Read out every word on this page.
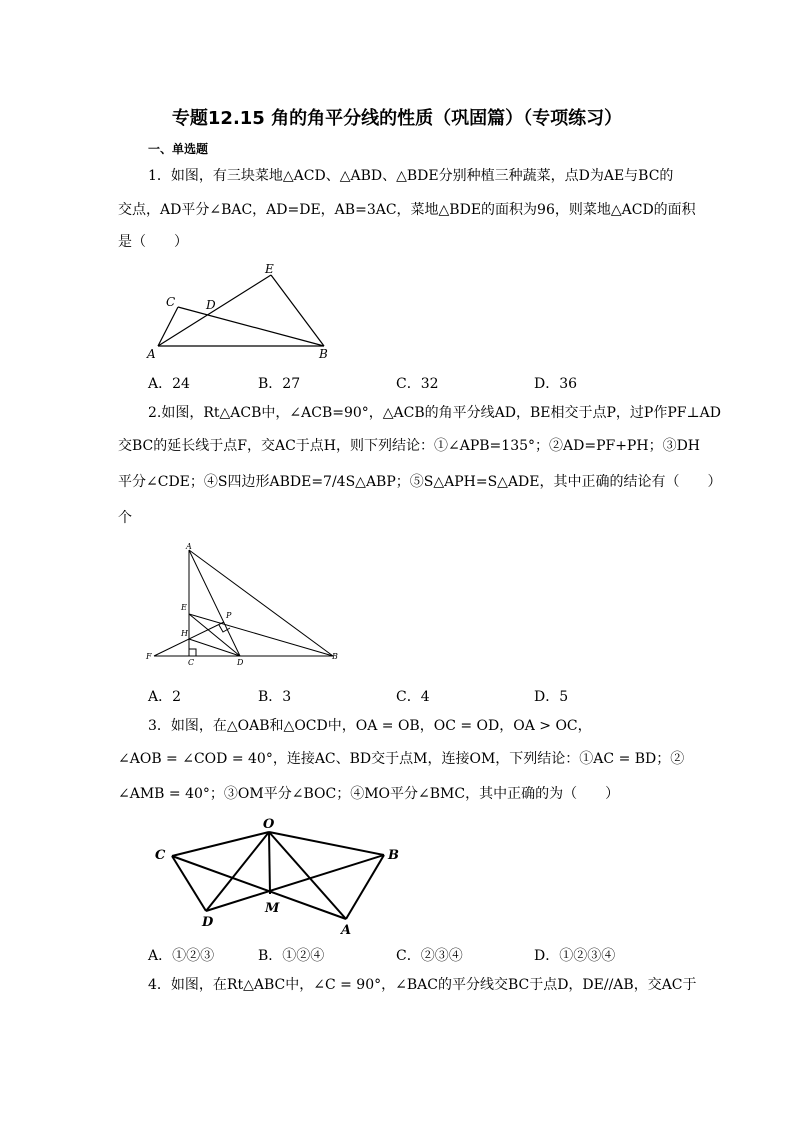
专题12.15 角的角平分线的性质（巩固篇）（专项练习）
一、单选题
1．如图，有三块菜地△ACD、△ABD、△BDE分别种植三种蔬菜，点D为AE与BC的
交点，AD平分∠BAC，AD=DE，AB=3AC，菜地△BDE的面积为96，则菜地△ACD的面积
是（　　）
E
C	D
A	B
A．24	B．27	C．32	D．36
2.如图，Rt△ACB中，∠ACB=90°，△ACB的角平分线AD，BE相交于点P，过P作PF⊥AD
交BC的延长线于点F，交AC于点H，则下列结论：①∠APB=135°；②AD=PF+PH；③DH
平分∠CDE；④S四边形ABDE=7/4S△ABP；⑤S△APH=S△ADE，其中正确的结论有（　　）
个
A
E
P
H
F
C	D
B
A．2	B．3	C．4	D．5
3．如图，在△OAB和△OCD中，OA = OB，OC = OD，OA > OC，
∠AOB = ∠COD = 40°，连接AC、BD交于点M，连接OM，下列结论：①AC = BD；②
∠AMB = 40°；③OM平分∠BOC；④MO平分∠BMC，其中正确的为（　　）
O
C	B
D
M
A
A．①②③	B．①②④	C．②③④	D．①②③④
4．如图，在Rt△ABC中，∠C = 90°，∠BAC的平分线交BC于点D，DE//AB，交AC于
